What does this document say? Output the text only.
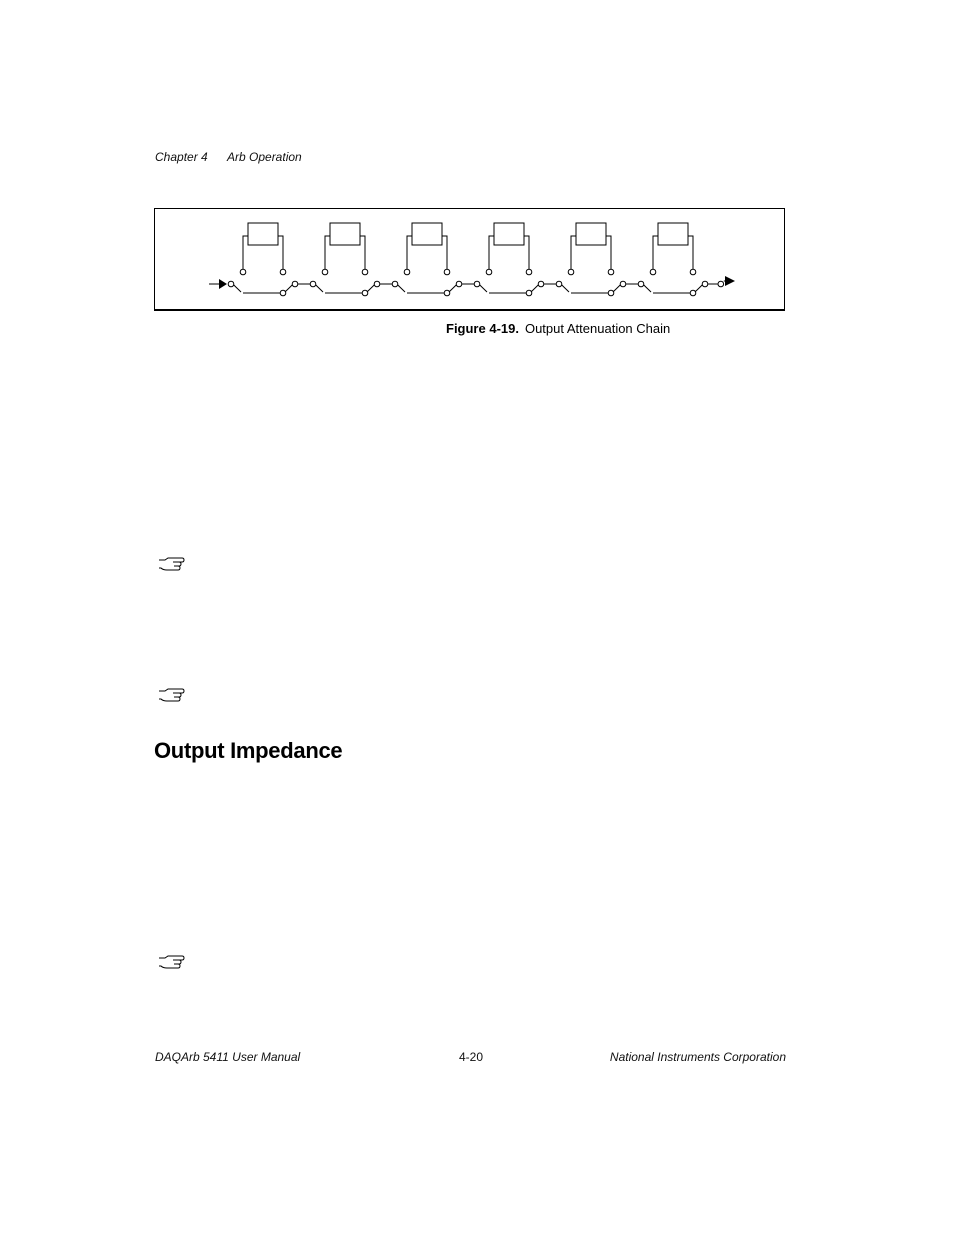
Chapter 4 Arb Operation
Figure 4-19. Output Attenuation Chain
Output Impedance
DAQArb 5411 User Manual	4-20	National Instruments Corporation
